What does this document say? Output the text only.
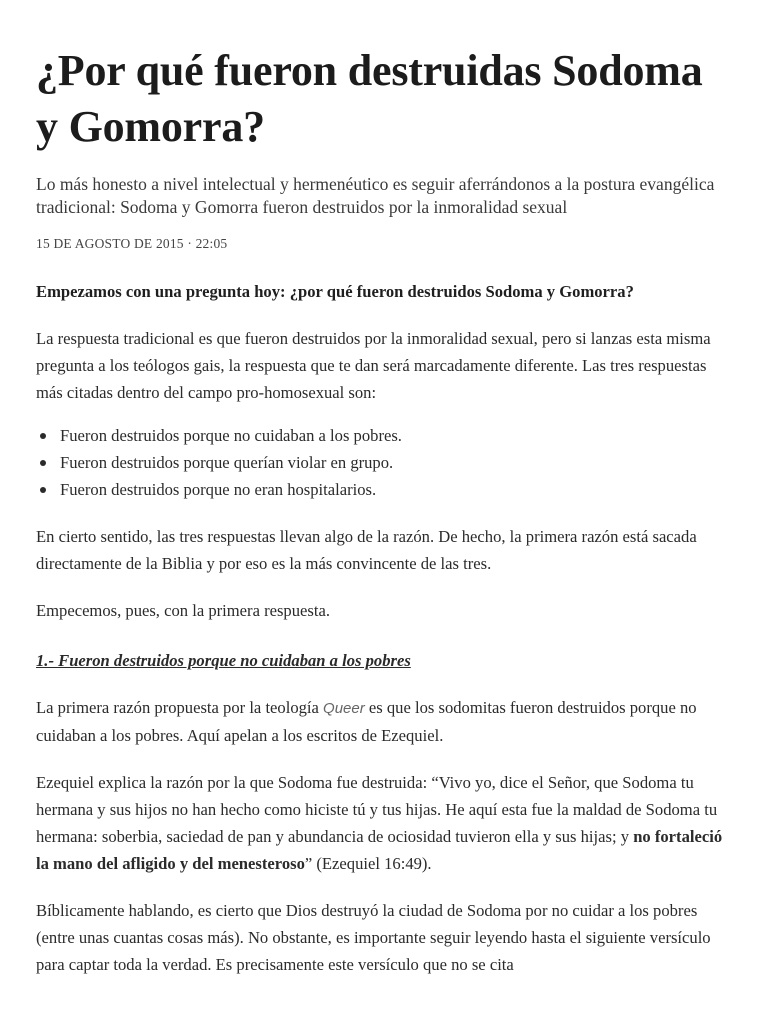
¿Por qué fueron destruidas Sodoma y Gomorra?

Lo más honesto a nivel intelectual y hermenéutico es seguir aferrándonos a la postura evangélica tradicional: Sodoma y Gomorra fueron destruidos por la inmoralidad sexual

15 DE AGOSTO DE 2015 · 22:05

Empezamos con una pregunta hoy: ¿por qué fueron destruidos Sodoma y Gomorra?

La respuesta tradicional es que fueron destruidos por la inmoralidad sexual, pero si lanzas esta misma pregunta a los teólogos gais, la respuesta que te dan será marcadamente diferente. Las tres respuestas más citadas dentro del campo pro-homosexual son:

Fueron destruidos porque no cuidaban a los pobres.
Fueron destruidos porque querían violar en grupo.
Fueron destruidos porque no eran hospitalarios.

En cierto sentido, las tres respuestas llevan algo de la razón. De hecho, la primera razón está sacada directamente de la Biblia y por eso es la más convincente de las tres.

Empecemos, pues, con la primera respuesta.

1.- Fueron destruidos porque no cuidaban a los pobres

La primera razón propuesta por la teología Queer es que los sodomitas fueron destruidos porque no cuidaban a los pobres. Aquí apelan a los escritos de Ezequiel.

Ezequiel explica la razón por la que Sodoma fue destruida: “Vivo yo, dice el Señor, que Sodoma tu hermana y sus hijos no han hecho como hiciste tú y tus hijas. He aquí esta fue la maldad de Sodoma tu hermana: soberbia, saciedad de pan y abundancia de ociosidad tuvieron ella y sus hijas; y no fortaleció la mano del afligido y del menesteroso” (Ezequiel 16:49).

Bíblicamente hablando, es cierto que Dios destruyó la ciudad de Sodoma por no cuidar a los pobres (entre unas cuantas cosas más). No obstante, es importante seguir leyendo hasta el siguiente versículo para captar toda la verdad. Es precisamente este versículo que no se cita
